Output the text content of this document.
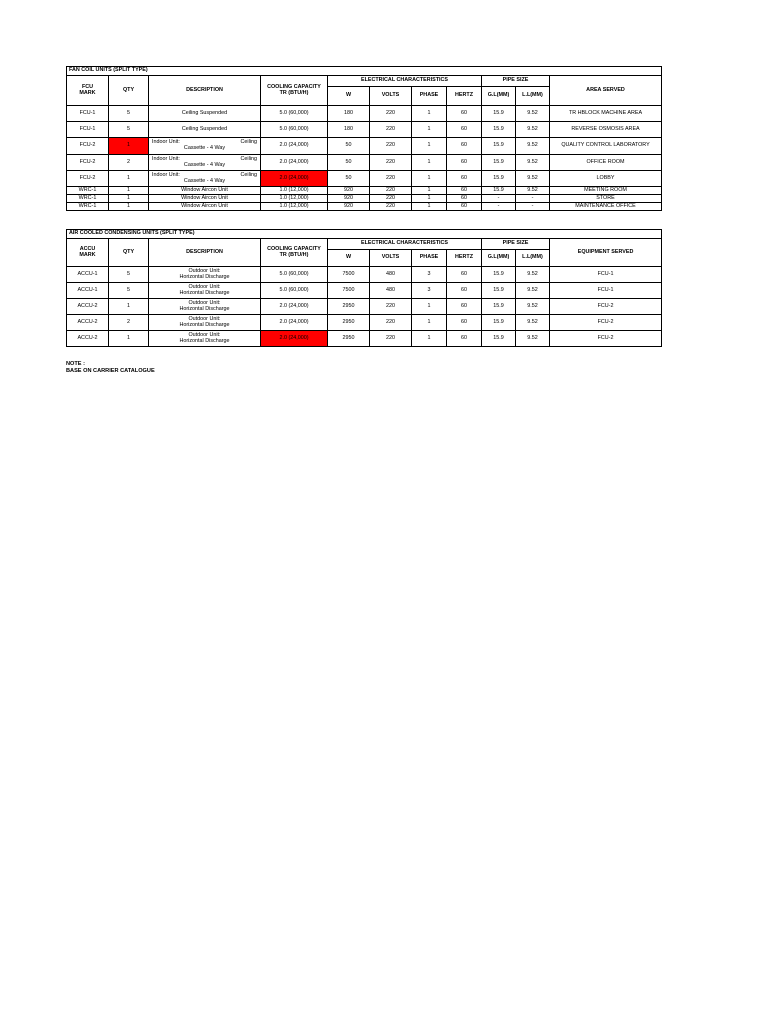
FAN COIL UNITS (SPLIT TYPE)										
FCU
MARK	QTY	DESCRIPTION	COOLING CAPACITY
TR (BTU/H)	ELECTRICAL CHARACTERISTICS				PIPE SIZE		AREA SERVED
				W	VOLTS	PHASE	HERTZ	G.L(MM)	L.L(MM)	
FCU-1	5	Ceiling Suspended	5.0 (60,000)	180	220	1	60	15.9	9.52	TR HBLOCK MACHINE AREA
FCU-1	5	Ceiling Suspended	5.0 (60,000)	180	220	1	60	15.9	9.52	REVERSE OSMOSIS AREA
FCU-2	1	Indoor Unit: Ceiling
Cassette - 4 Way	2.0 (24,000)	50	220	1	60	15.9	9.52	QUALITY CONTROL LABORATORY
FCU-2	2	Indoor Unit: Ceiling
Cassette - 4 Way	2.0 (24,000)	50	220	1	60	15.9	9.52	OFFICE ROOM
FCU-2	1	Indoor Unit: Ceiling
Cassette - 4 Way	2.0 (24,000)	50	220	1	60	15.9	9.52	LOBBY
WRC-1	1	Window Aircon Unit	1.0 (12,000)	920	220	1	60	15.9	9.52	MEETING ROOM
WRC-1	1	Window Aircon Unit	1.0 (12,000)	920	220	1	60	-	-	STORE
WRC-1	1	Window Aircon Unit	1.0 (12,000)	920	220	1	60	-	-	MAINTENANCE OFFICE
AIR COOLED CONDENSING UNITS (SPLIT TYPE)										
ACCU
MARK	QTY	DESCRIPTION	COOLING CAPACITY
TR (BTU/H)	ELECTRICAL CHARACTERISTICS				PIPE SIZE		EQUIPMENT SERVED
				W	VOLTS	PHASE	HERTZ	G.L(MM)	L.L(MM)	
ACCU-1	5	Outdoor Unit:
Horizontal Discharge	5.0 (60,000)	7500	480	3	60	15.9	9.52	FCU-1
ACCU-1	5	Outdoor Unit:
Horizontal Discharge	5.0 (60,000)	7500	480	3	60	15.9	9.52	FCU-1
ACCU-2	1	Outdoor Unit:
Horizontal Discharge	2.0 (24,000)	2950	220	1	60	15.9	9.52	FCU-2
ACCU-2	2	Outdoor Unit:
Horizontal Discharge	2.0 (24,000)	2950	220	1	60	15.9	9.52	FCU-2
ACCU-2	1	Outdoor Unit:
Horizontal Discharge	2.0 (24,000)	2950	220	1	60	15.9	9.52	FCU-2
NOTE :
BASE ON CARRIER CATALOGUE
